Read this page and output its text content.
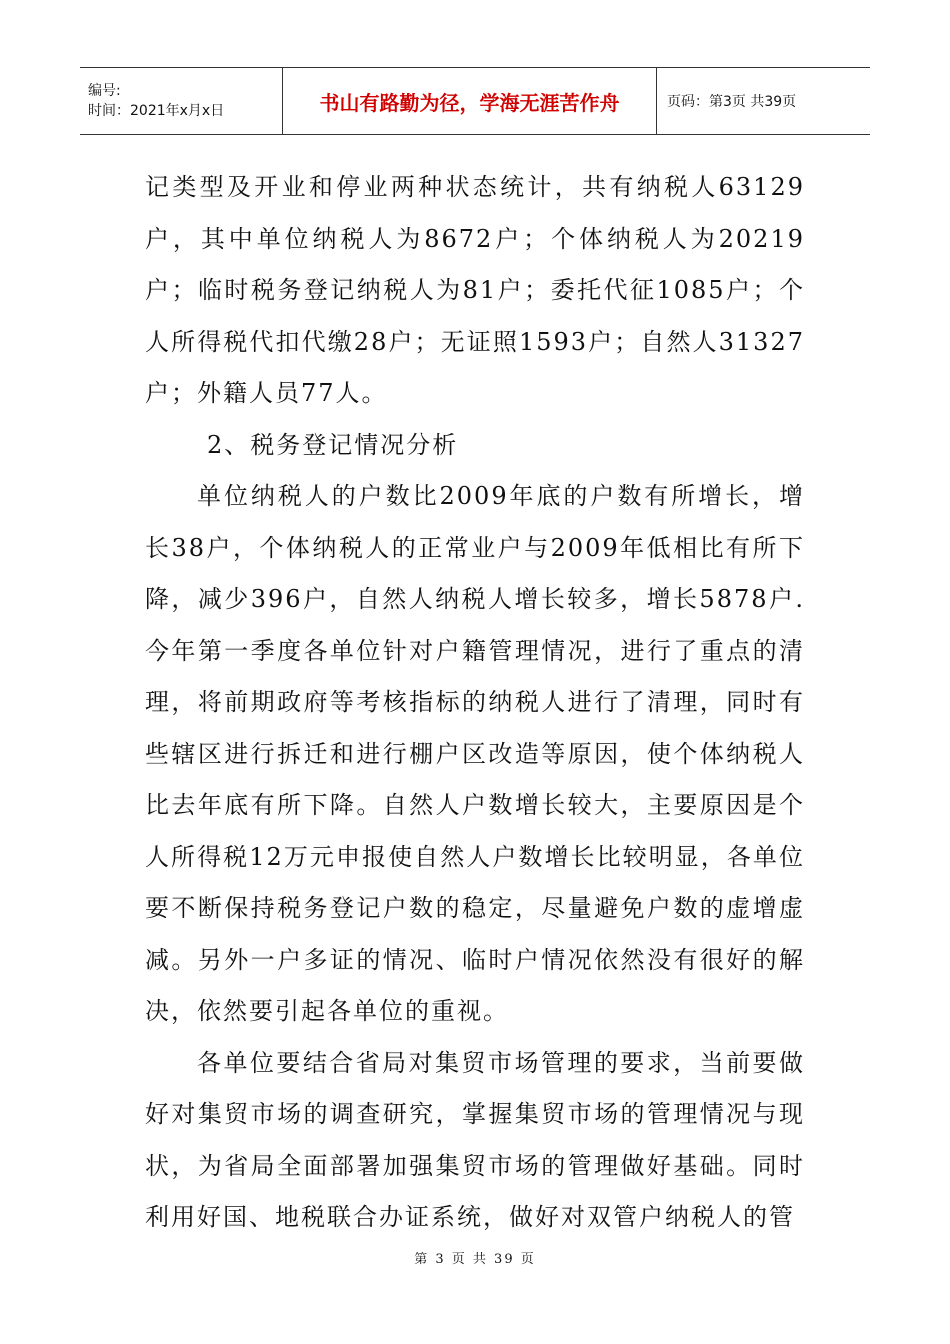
编号:
时间：2021年x月x日	书山有路勤为径，学海无涯苦作舟	页码：第3页 共39页

记类型及开业和停业两种状态统计，共有纳税人63129户，其中单位纳税人为8672户；个体纳税人为20219户；临时税务登记纳税人为81户；委托代征1085户；个人所得税代扣代缴28户；无证照1593户；自然人31327户；外籍人员77人。

2、税务登记情况分析

单位纳税人的户数比2009年底的户数有所增长，增长38户，个体纳税人的正常业户与2009年低相比有所下降，减少396户，自然人纳税人增长较多，增长5878户.今年第一季度各单位针对户籍管理情况，进行了重点的清理，将前期政府等考核指标的纳税人进行了清理，同时有些辖区进行拆迁和进行棚户区改造等原因，使个体纳税人比去年底有所下降。自然人户数增长较大，主要原因是个人所得税12万元申报使自然人户数增长比较明显，各单位要不断保持税务登记户数的稳定，尽量避免户数的虚增虚减。另外一户多证的情况、临时户情况依然没有很好的解决，依然要引起各单位的重视。

各单位要结合省局对集贸市场管理的要求，当前要做好对集贸市场的调查研究，掌握集贸市场的管理情况与现状，为省局全面部署加强集贸市场的管理做好基础。同时利用好国、地税联合办证系统，做好对双管户纳税人的管

第 3 页 共 39 页
